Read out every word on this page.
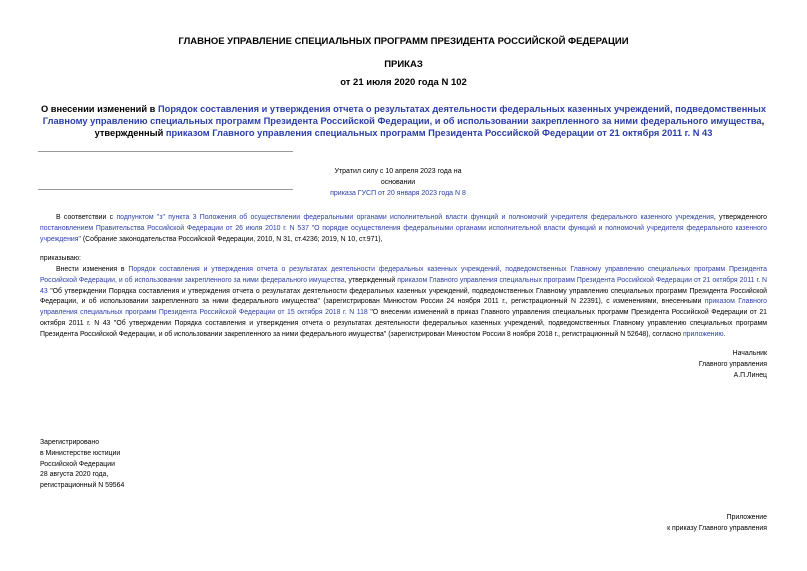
ГЛАВНОЕ УПРАВЛЕНИЕ СПЕЦИАЛЬНЫХ ПРОГРАММ ПРЕЗИДЕНТА РОССИЙСКОЙ ФЕДЕРАЦИИ
ПРИКАЗ
от 21 июля 2020 года N 102
О внесении изменений в Порядок составления и утверждения отчета о результатах деятельности федеральных казенных учреждений, подведомственных Главному управлению специальных программ Президента Российской Федерации, и об использовании закрепленного за ними федерального имущества, утвержденный приказом Главного управления специальных программ Президента Российской Федерации от 21 октября 2011 г. N 43
Утратил силу с 10 апреля 2023 года на основании
приказа ГУСП от 20 января 2023 года N 8
В соответствии с подпунктом "з" пункта 3 Положения об осуществлении федеральными органами исполнительной власти функций и полномочий учредителя федерального казенного учреждения, утвержденного постановлением Правительства Российской Федерации от 26 июля 2010 г. N 537 "О порядке осуществления федеральными органами исполнительной власти функций и полномочий учредителя федерального казенного учреждения" (Собрание законодательства Российской Федерации, 2010, N 31, ст.4236; 2019, N 10, ст.971),
приказываю:
Внести изменения в Порядок составления и утверждения отчета о результатах деятельности федеральных казенных учреждений, подведомственных Главному управлению специальных программ Президента Российской Федерации, и об использовании закрепленного за ними федерального имущества, утвержденный приказом Главного управления специальных программ Президента Российской Федерации от 21 октября 2011 г. N 43 "Об утверждении Порядка составления и утверждения отчета о результатах деятельности федеральных казенных учреждений, подведомственных Главному управлению специальных программ Президента Российской Федерации, и об использовании закрепленного за ними федерального имущества" (зарегистрирован Минюстом России 24 ноября 2011 г., регистрационный N 22391), с изменениями, внесенными приказом Главного управления специальных программ Президента Российской Федерации от 15 октября 2018 г. N 118 "О внесении изменений в приказ Главного управления специальных программ Президента Российской Федерации от 21 октября 2011 г. N 43 "Об утверждении Порядка составления и утверждения отчета о результатах деятельности федеральных казенных учреждений, подведомственных Главному управлению специальных программ Президента Российской Федерации, и об использовании закрепленного за ними федерального имущества" (зарегистрирован Минюстом России 8 ноября 2018 г., регистрационный N 52648), согласно приложению.
Начальник
Главного управления
А.П.Линец
Зарегистрировано
в Министерстве юстиции
Российской Федерации
28 августа 2020 года,
регистрационный N 59564
Приложение
к приказу Главного управления
